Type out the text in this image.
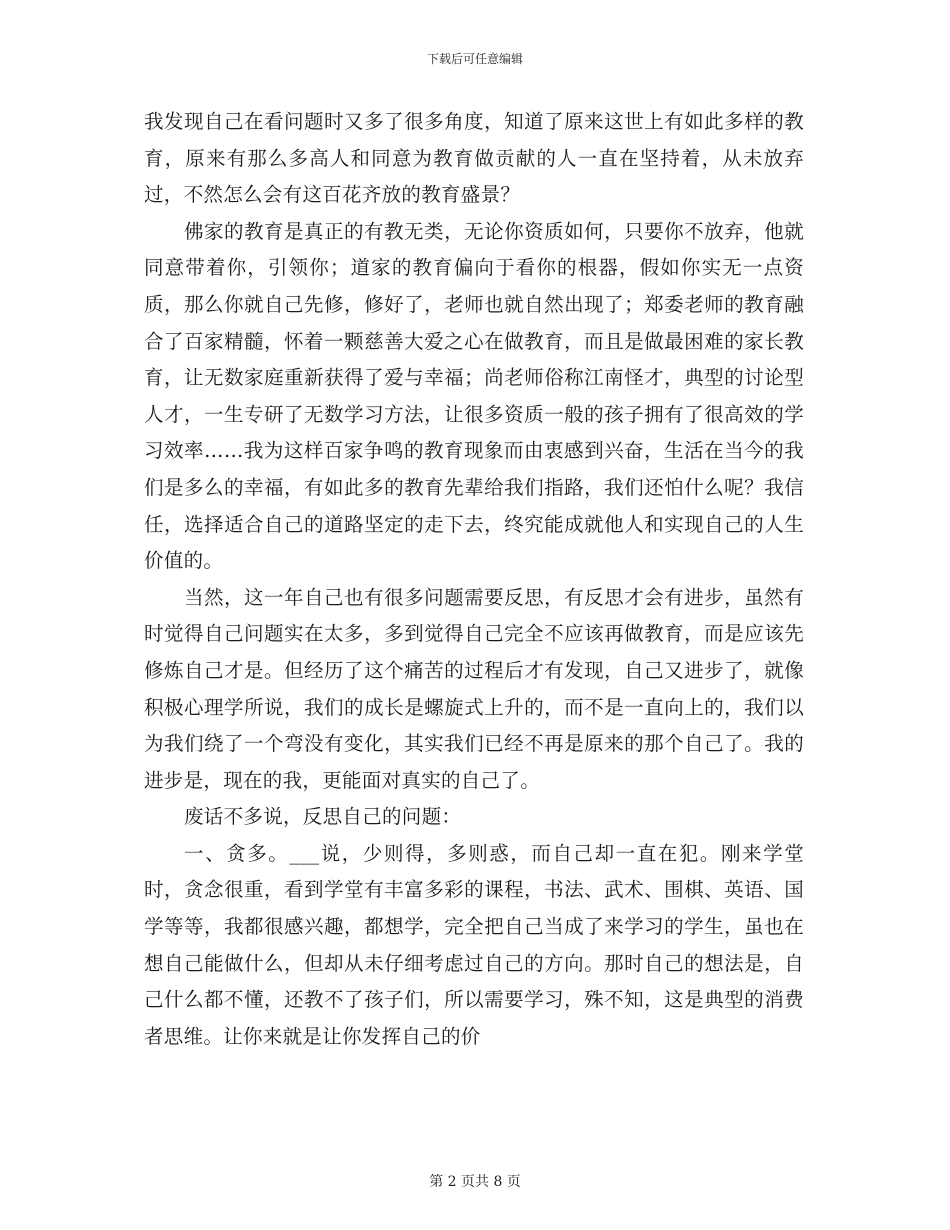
下载后可任意编辑

我发现自己在看问题时又多了很多角度，知道了原来这世上有如此多样的教育，原来有那么多高人和同意为教育做贡献的人一直在坚持着，从未放弃过，不然怎么会有这百花齐放的教育盛景？

佛家的教育是真正的有教无类，无论你资质如何，只要你不放弃，他就同意带着你，引领你；道家的教育偏向于看你的根器，假如你实无一点资质，那么你就自己先修，修好了，老师也就自然出现了；郑委老师的教育融合了百家精髓，怀着一颗慈善大爱之心在做教育，而且是做最困难的家长教育，让无数家庭重新获得了爱与幸福；尚老师俗称江南怪才，典型的讨论型人才，一生专研了无数学习方法，让很多资质一般的孩子拥有了很高效的学习效率……我为这样百家争鸣的教育现象而由衷感到兴奋，生活在当今的我们是多么的幸福，有如此多的教育先辈给我们指路，我们还怕什么呢？我信任，选择适合自己的道路坚定的走下去，终究能成就他人和实现自己的人生价值的。

当然，这一年自己也有很多问题需要反思，有反思才会有进步，虽然有时觉得自己问题实在太多，多到觉得自己完全不应该再做教育，而是应该先修炼自己才是。但经历了这个痛苦的过程后才有发现，自己又进步了，就像积极心理学所说，我们的成长是螺旋式上升的，而不是一直向上的，我们以为我们绕了一个弯没有变化，其实我们已经不再是原来的那个自己了。我的进步是，现在的我，更能面对真实的自己了。

废话不多说，反思自己的问题：

一、贪多。___说，少则得，多则惑，而自己却一直在犯。刚来学堂时，贪念很重，看到学堂有丰富多彩的课程，书法、武术、围棋、英语、国学等等，我都很感兴趣，都想学，完全把自己当成了来学习的学生，虽也在想自己能做什么，但却从未仔细考虑过自己的方向。那时自己的想法是，自己什么都不懂，还教不了孩子们，所以需要学习，殊不知，这是典型的消费者思维。让你来就是让你发挥自己的价

第 2 页共 8 页
